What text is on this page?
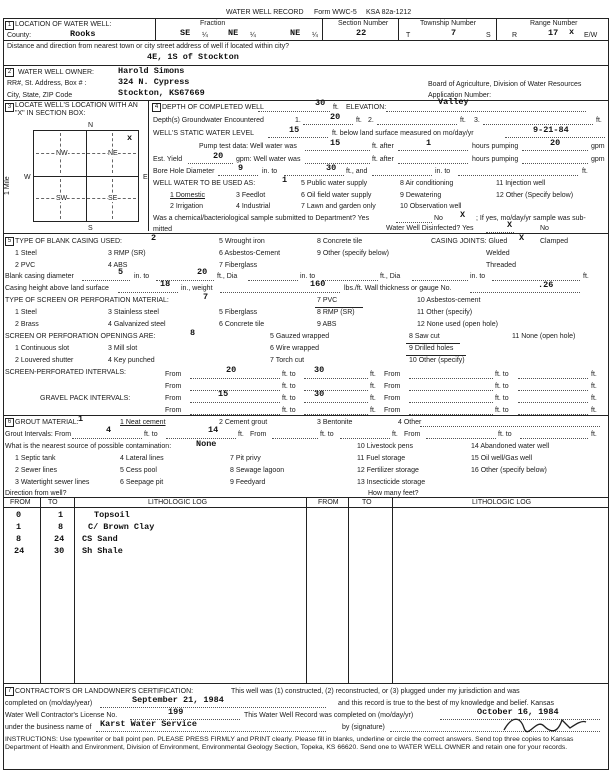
WATER WELL RECORD Form WWC-5 KSA 82a-1212
1 LOCATION OF WATER WELL:
County:	Rooks
Fraction
SE ¼ NE ¼	NE ¼
Section Number
22
Township Number
T	7	S
Range Number
R	17 x E/W
Distance and direction from nearest town or city street address of well if located within city?
4E, 1S of Stockton
2 WATER WELL OWNER:	Harold Simons
RR#, St. Address, Box # :	324 N. Cypress
City, State, ZIP Code	Stockton, KS67669
Board of Agriculture, Division of Water Resources
Application Number:
3 LOCATE WELL'S LOCATION WITH AN "X" IN SECTION BOX:
N
S
W	E
1 Mile
NW	NE
SW	SE
x
4 DEPTH OF COMPLETED WELL	30 ft. ELEVATION:
Valley
Depth(s) Groundwater Encountered	1.	20 ft. 2.	ft. 3.	ft.
WELL'S STATIC WATER LEVEL	15	ft. below land surface measured on mo/day/yr	9-21-84
Pump test data: Well water was	15	ft. after	1	hours pumping	20	gpm
Est. Yield	20 gpm: Well water was	ft. after	hours pumping	gpm
Bore Hole Diameter	9	in. to	30 ft., and	in. to	ft.
WELL WATER TO BE USED AS:	1
1 Domestic
2 Irrigation
3 Feedlot
4 Industrial
5 Public water supply
6 Oil field water supply
7 Lawn and garden only
8 Air conditioning
9 Dewatering
10 Observation well
11 Injection well
12 Other (Specify below)
Was a chemical/bacteriological sample submitted to Department? Yes	No X ; If yes, mo/day/yr sample was sub-
mitted	Water Well Disinfected? Yes	X	No
5 TYPE OF BLANK CASING USED:	2
1 Steel
2 PVC
3 RMP (SR)
4 ABS
5 Wrought iron
6 Asbestos-Cement
7 Fiberglass
8 Concrete tile
9 Other (specify below)
CASING JOINTS: Glued X Clamped
Welded
Threaded
Blank casing diameter	5 in. to	20 ft., Dia	in. to	ft., Dia	in. to	ft.
Casing height above land surface	18 in., weight	160	lbs./ft. Wall thickness or gauge No.	.26
TYPE OF SCREEN OR PERFORATION MATERIAL:	7
1 Steel
2 Brass
3 Stainless steel
4 Galvanized steel
5 Fiberglass
6 Concrete tile
7 PVC
8 RMP (SR)
9 ABS
10 Asbestos-cement
11 Other (specify)
12 None used (open hole)
SCREEN OR PERFORATION OPENINGS ARE:	8
1 Continuous slot
2 Louvered shutter
3 Mill slot
4 Key punched
5 Gauzed wrapped
6 Wire wrapped
7 Torch cut
8 Saw cut
9 Drilled holes
10 Other (specify)
11 None (open hole)
SCREEN-PERFORATED INTERVALS:	From	20	ft. to 30	ft. From	ft. to	ft.
From	ft. to	ft. From	ft. to	ft.
GRAVEL PACK INTERVALS:	From	15	ft. to 30	ft. From	ft. to	ft.
From	ft. to	ft. From	ft. to	ft.
6 GROUT MATERIAL: 1	1 Neat cement	2 Cement grout	3 Bentonite	4 Other
Grout Intervals: From	4	ft. to	14	ft. From	ft. to	ft. From	ft. to	ft.
What is the nearest source of possible contamination:	None
1 Septic tank
2 Sewer lines
3 Watertight sewer lines
4 Lateral lines
5 Cess pool
6 Seepage pit
7 Pit privy
8 Sewage lagoon
9 Feedyard
10 Livestock pens
11 Fuel storage
12 Fertilizer storage
13 Insecticide storage
14 Abandoned water well
15 Oil well/Gas well
16 Other (specify below)
Direction from well?	How many feet?
FROM TO	LITHOLOGIC LOG	FROM	TO	LITHOLOGIC LOG
0	1	Topsoil
1	8	C/ Brown Clay
8	24 CS Sand
24	30 Sh Shale
7 CONTRACTOR'S OR LANDOWNER'S CERTIFICATION:	This well was (1) constructed, (2) reconstructed, or (3) plugged under my jurisdiction and was
completed on (mo/day/year)	September 21, 1984	and this record is true to the best of my knowledge and belief. Kansas
Water Well Contractor's License No.	199	This Water Well Record was completed on (mo/day/yr)	October 16, 1984
under the business name of Karst Water Service	by (signature)
INSTRUCTIONS: Use typewriter or ball point pen. PLEASE PRESS FIRMLY and PRINT clearly. Please fill in blanks, underline or circle the correct answers. Send top three copies to Kansas Department of Health and Environment, Division of Environment, Environmental Geology Section, Topeka, KS 66620. Send one to WATER WELL OWNER and retain one for your records.
